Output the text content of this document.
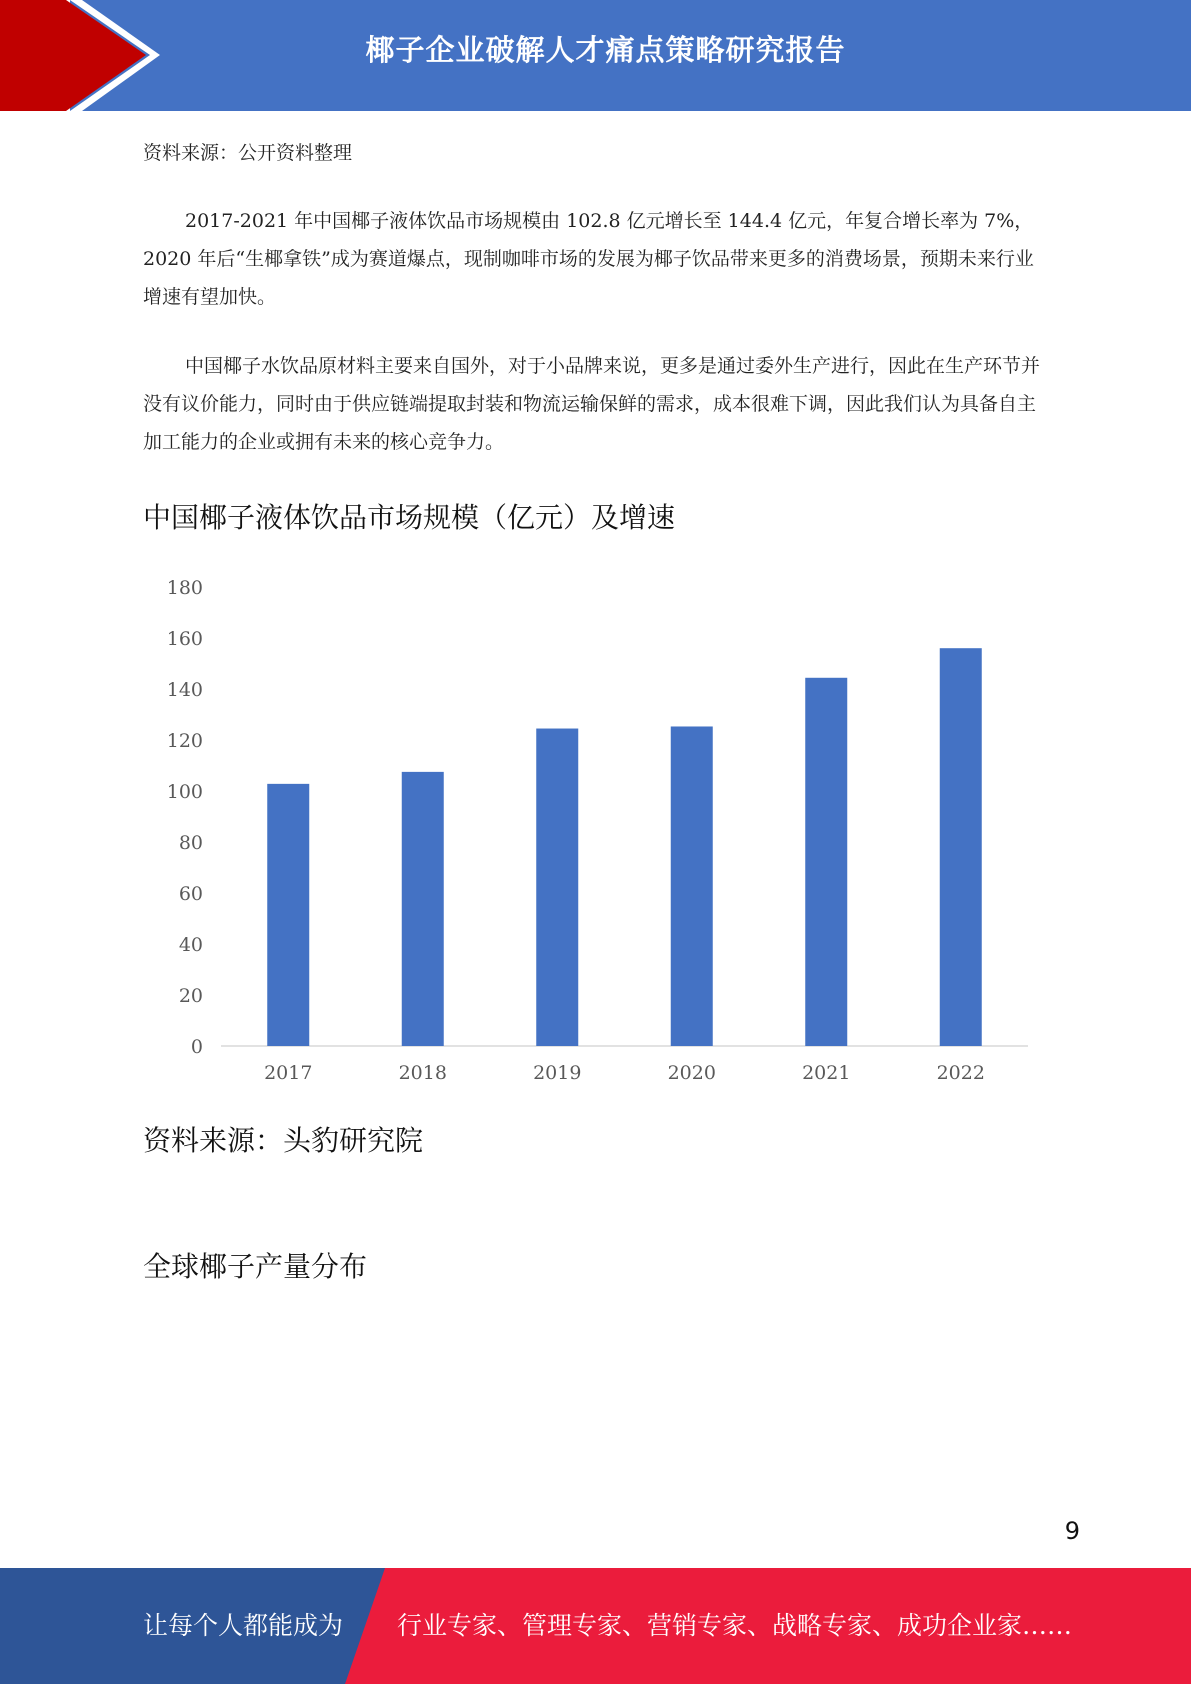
椰子企业破解人才痛点策略研究报告
资料来源：公开资料整理
2017-2021 年中国椰子液体饮品市场规模由 102.8 亿元增长至 144.4 亿元，年复合增长率为 7%，2020 年后“生椰拿铁”成为赛道爆点，现制咖啡市场的发展为椰子饮品带来更多的消费场景，预期未来行业增速有望加快。
中国椰子水饮品原材料主要来自国外，对于小品牌来说，更多是通过委外生产进行，因此在生产环节并没有议价能力，同时由于供应链端提取封装和物流运输保鲜的需求，成本很难下调，因此我们认为具备自主加工能力的企业或拥有未来的核心竞争力。
中国椰子液体饮品市场规模（亿元）及增速
0
20
40
60
80
100
120
140
160
180
2017	2018	2019	2020	2021	2022
资料来源：头豹研究院
全球椰子产量分布
9
让每个人都能成为 行业专家、管理专家、营销专家、战略专家、成功企业家……
